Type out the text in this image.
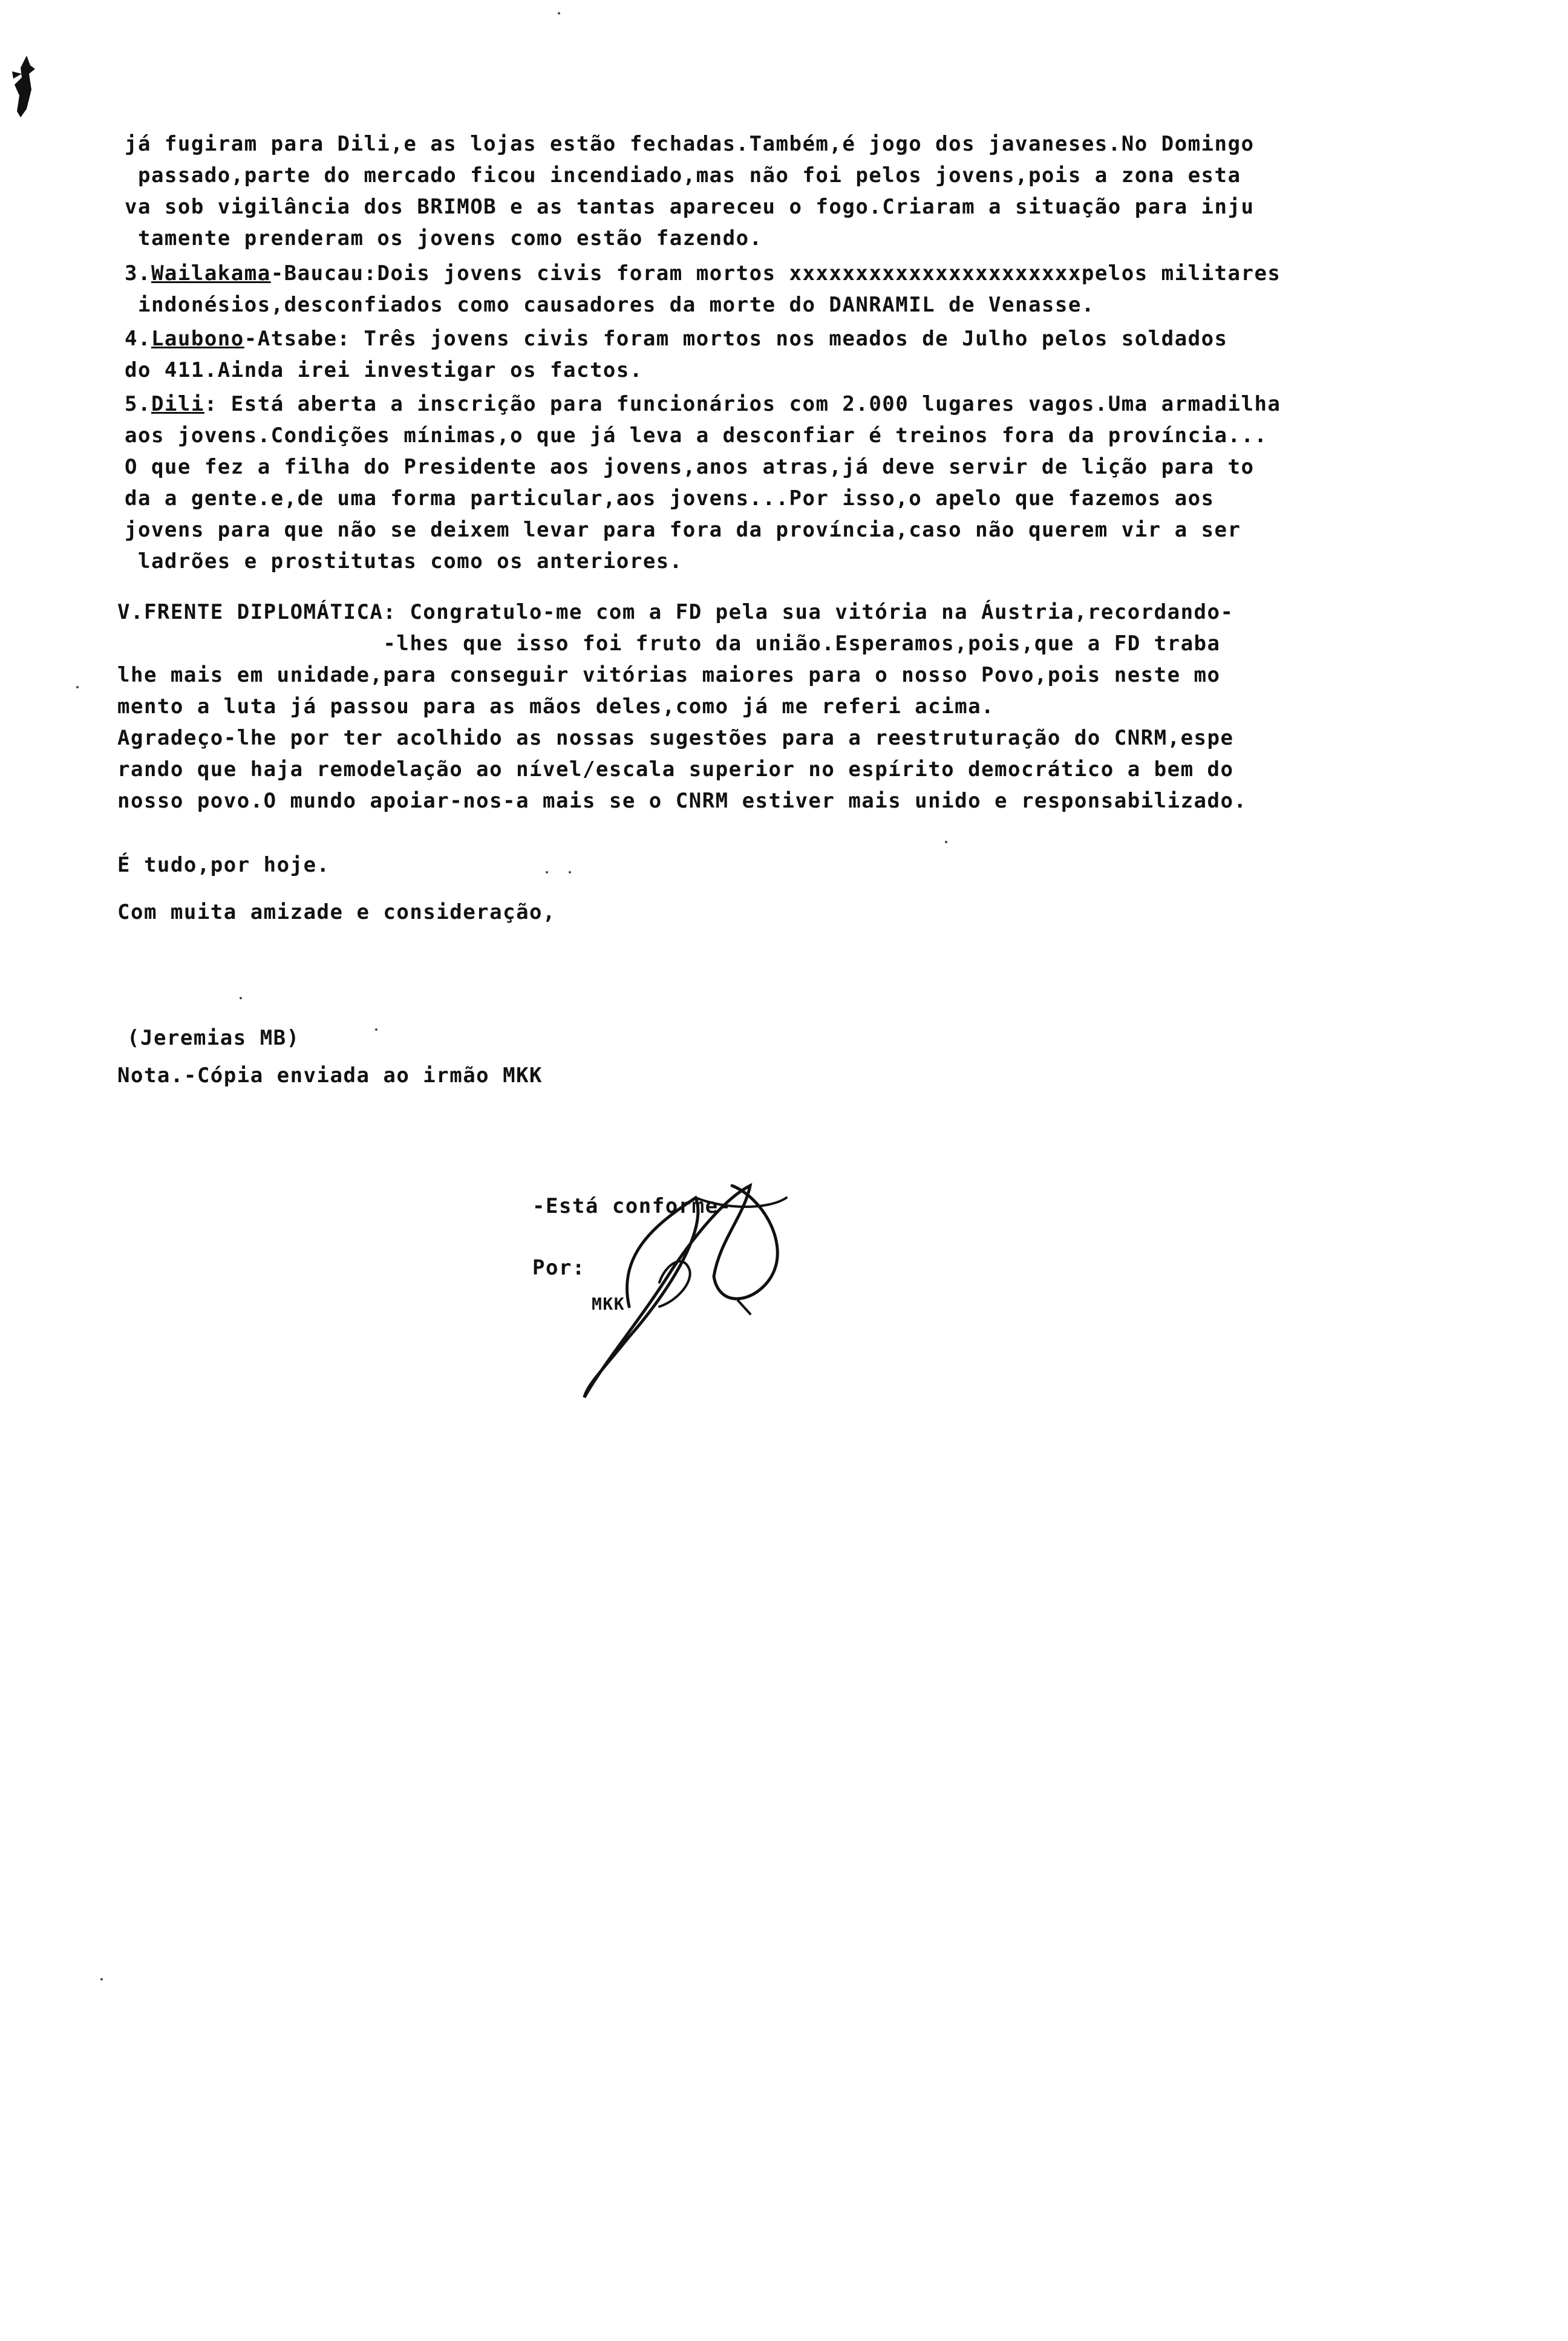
já fugiram para Dili,e as lojas estão fechadas.Também,é jogo dos javaneses.No Domingo
passado,parte do mercado ficou incendiado,mas não foi pelos jovens,pois a zona esta
va sob vigilância dos BRIMOB e as tantas apareceu o fogo.Criaram a situação para inju
tamente prenderam os jovens como estão fazendo.
3.Wailakama-Baucau:Dois jovens civis foram mortos xxxxxxxxxxxxxxxxxxxxxxpelos militares
indonésios,desconfiados como causadores da morte do DANRAMIL de Venasse.
4.Laubono-Atsabe: Três jovens civis foram mortos nos meados de Julho pelos soldados
do 411.Ainda irei investigar os factos.
5.Dili: Está aberta a inscrição para funcionários com 2.000 lugares vagos.Uma armadilha
aos jovens.Condições mínimas,o que já leva a desconfiar é treinos fora da província...
O que fez a filha do Presidente aos jovens,anos atras,já deve servir de lição para to
da a gente.e,de uma forma particular,aos jovens...Por isso,o apelo que fazemos aos
jovens para que não se deixem levar para fora da província,caso não querem vir a ser
ladrões e prostitutas como os anteriores.
V.FRENTE DIPLOMÁTICA: Congratulo-me com a FD pela sua vitória na Áustria,recordando-
-lhes que isso foi fruto da união.Esperamos,pois,que a FD traba
lhe mais em unidade,para conseguir vitórias maiores para o nosso Povo,pois neste mo
mento a luta já passou para as mãos deles,como já me referi acima.
Agradeço-lhe por ter acolhido as nossas sugestões para a reestruturação do CNRM,espe
rando que haja remodelação ao nível/escala superior no espírito democrático a bem do
nosso povo.O mundo apoiar-nos-a mais se o CNRM estiver mais unido e responsabilizado.
É tudo,por hoje.
Com muita amizade e consideração,
(Jeremias MB)
Nota.-Cópia enviada ao irmão MKK
-Está conforme-
Por:
MKK
